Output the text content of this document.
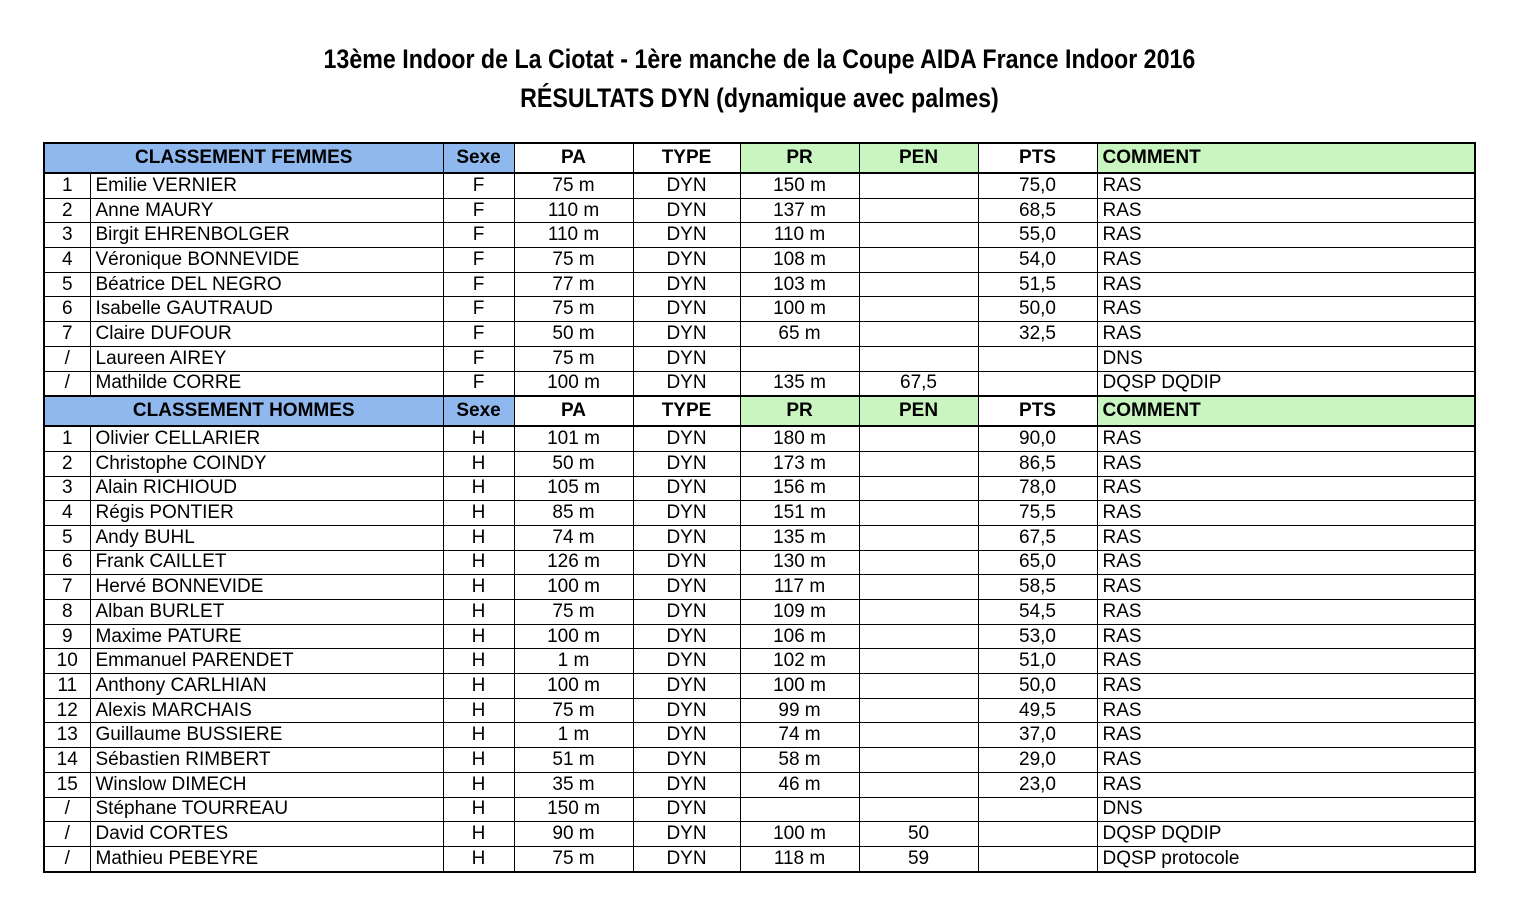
13ème Indoor de La Ciotat - 1ère manche de la Coupe AIDA France Indoor 2016
RÉSULTATS DYN (dynamique avec palmes)
CLASSEMENT FEMMES		Sexe	PA	TYPE	PR	PEN	PTS	COMMENT
1	Emilie VERNIER	F	75 m	DYN	150 m		75,0	RAS
2	Anne MAURY	F	110 m	DYN	137 m		68,5	RAS
3	Birgit EHRENBOLGER	F	110 m	DYN	110 m		55,0	RAS
4	Véronique BONNEVIDE	F	75 m	DYN	108 m		54,0	RAS
5	Béatrice DEL NEGRO	F	77 m	DYN	103 m		51,5	RAS
6	Isabelle GAUTRAUD	F	75 m	DYN	100 m		50,0	RAS
7	Claire DUFOUR	F	50 m	DYN	65 m		32,5	RAS
/	Laureen AIREY	F	75 m	DYN				DNS
/	Mathilde CORRE	F	100 m	DYN	135 m	67,5		DQSP DQDIP
CLASSEMENT HOMMES		Sexe	PA	TYPE	PR	PEN	PTS	COMMENT
1	Olivier CELLARIER	H	101 m	DYN	180 m		90,0	RAS
2	Christophe COINDY	H	50 m	DYN	173 m		86,5	RAS
3	Alain RICHIOUD	H	105 m	DYN	156 m		78,0	RAS
4	Régis PONTIER	H	85 m	DYN	151 m		75,5	RAS
5	Andy BUHL	H	74 m	DYN	135 m		67,5	RAS
6	Frank CAILLET	H	126 m	DYN	130 m		65,0	RAS
7	Hervé BONNEVIDE	H	100 m	DYN	117 m		58,5	RAS
8	Alban BURLET	H	75 m	DYN	109 m		54,5	RAS
9	Maxime PATURE	H	100 m	DYN	106 m		53,0	RAS
10	Emmanuel PARENDET	H	1 m	DYN	102 m		51,0	RAS
11	Anthony CARLHIAN	H	100 m	DYN	100 m		50,0	RAS
12	Alexis MARCHAIS	H	75 m	DYN	99 m		49,5	RAS
13	Guillaume BUSSIERE	H	1 m	DYN	74 m		37,0	RAS
14	Sébastien RIMBERT	H	51 m	DYN	58 m		29,0	RAS
15	Winslow DIMECH	H	35 m	DYN	46 m		23,0	RAS
/	Stéphane TOURREAU	H	150 m	DYN				DNS
/	David CORTES	H	90 m	DYN	100 m	50		DQSP DQDIP
/	Mathieu PEBEYRE	H	75 m	DYN	118 m	59		DQSP protocole
